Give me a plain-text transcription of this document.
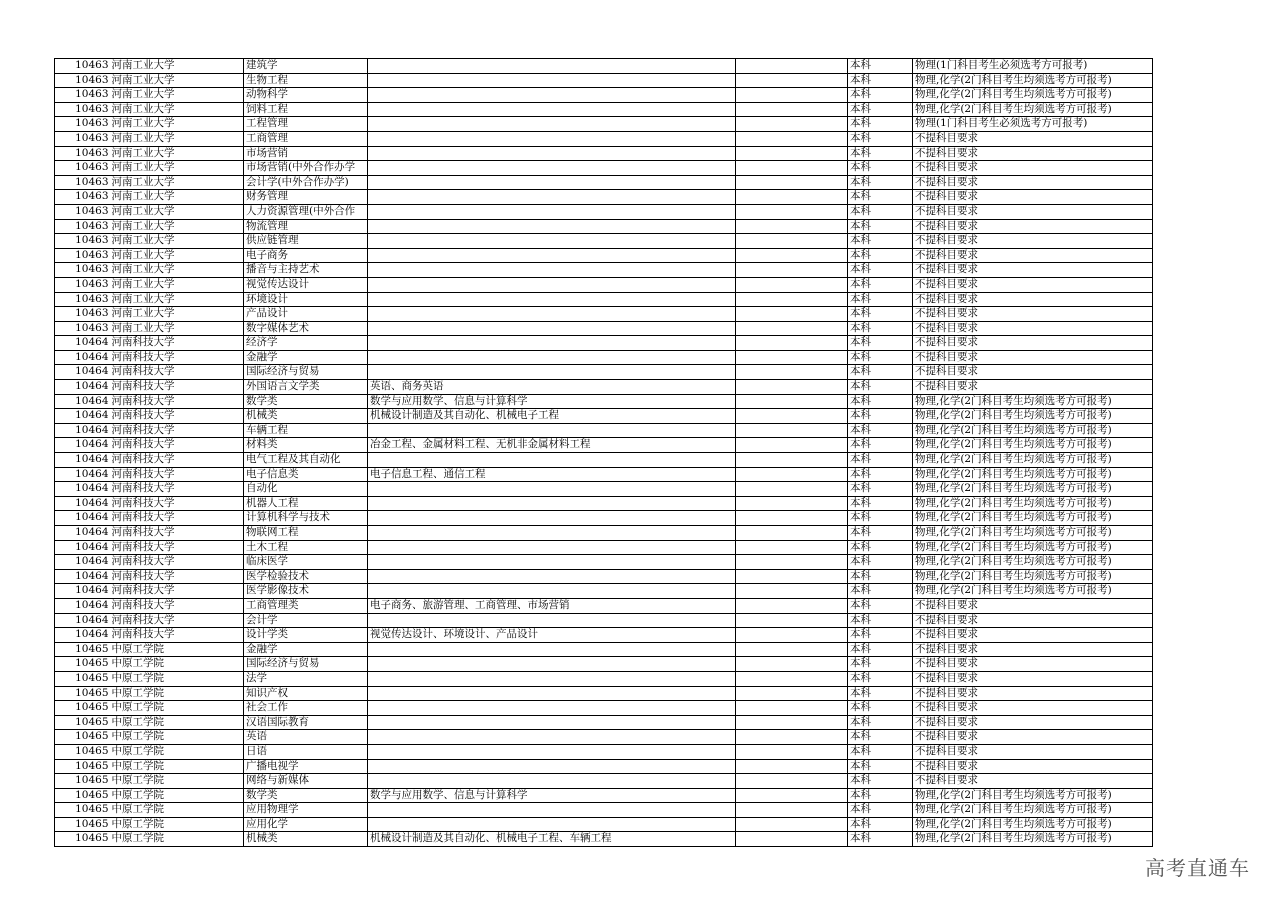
10463	河南工业大学	建筑学			本科	物理(1门科目考生必须选考方可报考)
10463	河南工业大学	生物工程			本科	物理,化学(2门科目考生均须选考方可报考)
10463	河南工业大学	动物科学			本科	物理,化学(2门科目考生均须选考方可报考)
10463	河南工业大学	饲料工程			本科	物理,化学(2门科目考生均须选考方可报考)
10463	河南工业大学	工程管理			本科	物理(1门科目考生必须选考方可报考)
10463	河南工业大学	工商管理			本科	不提科目要求
10463	河南工业大学	市场营销			本科	不提科目要求
10463	河南工业大学	市场营销(中外合作办学			本科	不提科目要求
10463	河南工业大学	会计学(中外合作办学)			本科	不提科目要求
10463	河南工业大学	财务管理			本科	不提科目要求
10463	河南工业大学	人力资源管理(中外合作			本科	不提科目要求
10463	河南工业大学	物流管理			本科	不提科目要求
10463	河南工业大学	供应链管理			本科	不提科目要求
10463	河南工业大学	电子商务			本科	不提科目要求
10463	河南工业大学	播音与主持艺术			本科	不提科目要求
10463	河南工业大学	视觉传达设计			本科	不提科目要求
10463	河南工业大学	环境设计			本科	不提科目要求
10463	河南工业大学	产品设计			本科	不提科目要求
10463	河南工业大学	数字媒体艺术			本科	不提科目要求
10464	河南科技大学	经济学			本科	不提科目要求
10464	河南科技大学	金融学			本科	不提科目要求
10464	河南科技大学	国际经济与贸易			本科	不提科目要求
10464	河南科技大学	外国语言文学类	英语、商务英语		本科	不提科目要求
10464	河南科技大学	数学类	数学与应用数学、信息与计算科学		本科	物理,化学(2门科目考生均须选考方可报考)
10464	河南科技大学	机械类	机械设计制造及其自动化、机械电子工程		本科	物理,化学(2门科目考生均须选考方可报考)
10464	河南科技大学	车辆工程			本科	物理,化学(2门科目考生均须选考方可报考)
10464	河南科技大学	材料类	冶金工程、金属材料工程、无机非金属材料工程		本科	物理,化学(2门科目考生均须选考方可报考)
10464	河南科技大学	电气工程及其自动化			本科	物理,化学(2门科目考生均须选考方可报考)
10464	河南科技大学	电子信息类	电子信息工程、通信工程		本科	物理,化学(2门科目考生均须选考方可报考)
10464	河南科技大学	自动化			本科	物理,化学(2门科目考生均须选考方可报考)
10464	河南科技大学	机器人工程			本科	物理,化学(2门科目考生均须选考方可报考)
10464	河南科技大学	计算机科学与技术			本科	物理,化学(2门科目考生均须选考方可报考)
10464	河南科技大学	物联网工程			本科	物理,化学(2门科目考生均须选考方可报考)
10464	河南科技大学	土木工程			本科	物理,化学(2门科目考生均须选考方可报考)
10464	河南科技大学	临床医学			本科	物理,化学(2门科目考生均须选考方可报考)
10464	河南科技大学	医学检验技术			本科	物理,化学(2门科目考生均须选考方可报考)
10464	河南科技大学	医学影像技术			本科	物理,化学(2门科目考生均须选考方可报考)
10464	河南科技大学	工商管理类	电子商务、旅游管理、工商管理、市场营销		本科	不提科目要求
10464	河南科技大学	会计学			本科	不提科目要求
10464	河南科技大学	设计学类	视觉传达设计、环境设计、产品设计		本科	不提科目要求
10465	中原工学院	金融学			本科	不提科目要求
10465	中原工学院	国际经济与贸易			本科	不提科目要求
10465	中原工学院	法学			本科	不提科目要求
10465	中原工学院	知识产权			本科	不提科目要求
10465	中原工学院	社会工作			本科	不提科目要求
10465	中原工学院	汉语国际教育			本科	不提科目要求
10465	中原工学院	英语			本科	不提科目要求
10465	中原工学院	日语			本科	不提科目要求
10465	中原工学院	广播电视学			本科	不提科目要求
10465	中原工学院	网络与新媒体			本科	不提科目要求
10465	中原工学院	数学类	数学与应用数学、信息与计算科学		本科	物理,化学(2门科目考生均须选考方可报考)
10465	中原工学院	应用物理学			本科	物理,化学(2门科目考生均须选考方可报考)
10465	中原工学院	应用化学			本科	物理,化学(2门科目考生均须选考方可报考)
10465	中原工学院	机械类	机械设计制造及其自动化、机械电子工程、车辆工程		本科	物理,化学(2门科目考生均须选考方可报考)
高考直通车
